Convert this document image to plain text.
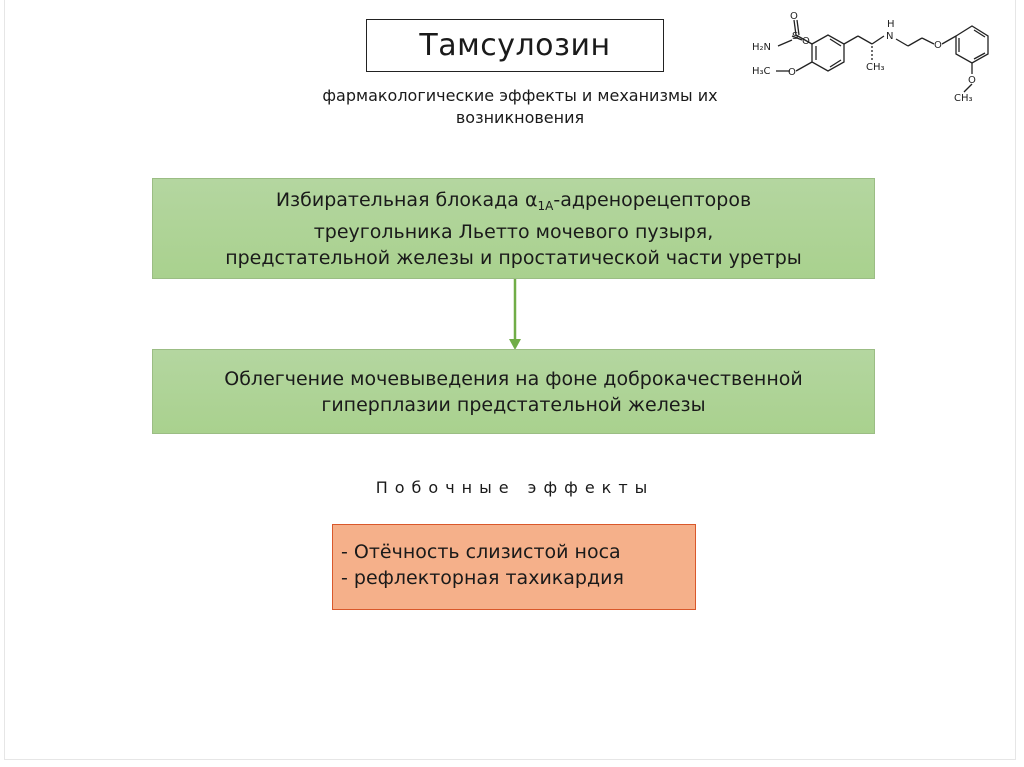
Тамсулозин
фармакологические эффекты и механизмы их
возникновения
S
O
H₂N
O
H₃C O
H
N
CH₃
O
O
CH₃
Избирательная блокада $\alpha_{1A}$-адренорецепторов
треугольника Льетто мочевого пузыря,
предстательной железы и простатической части уретры
Облегчение мочевыведения на фоне доброкачественной
гиперплазии предстательной железы
Побочные эффекты
- Отёчность слизистой носа
- рефлекторная тахикардия
